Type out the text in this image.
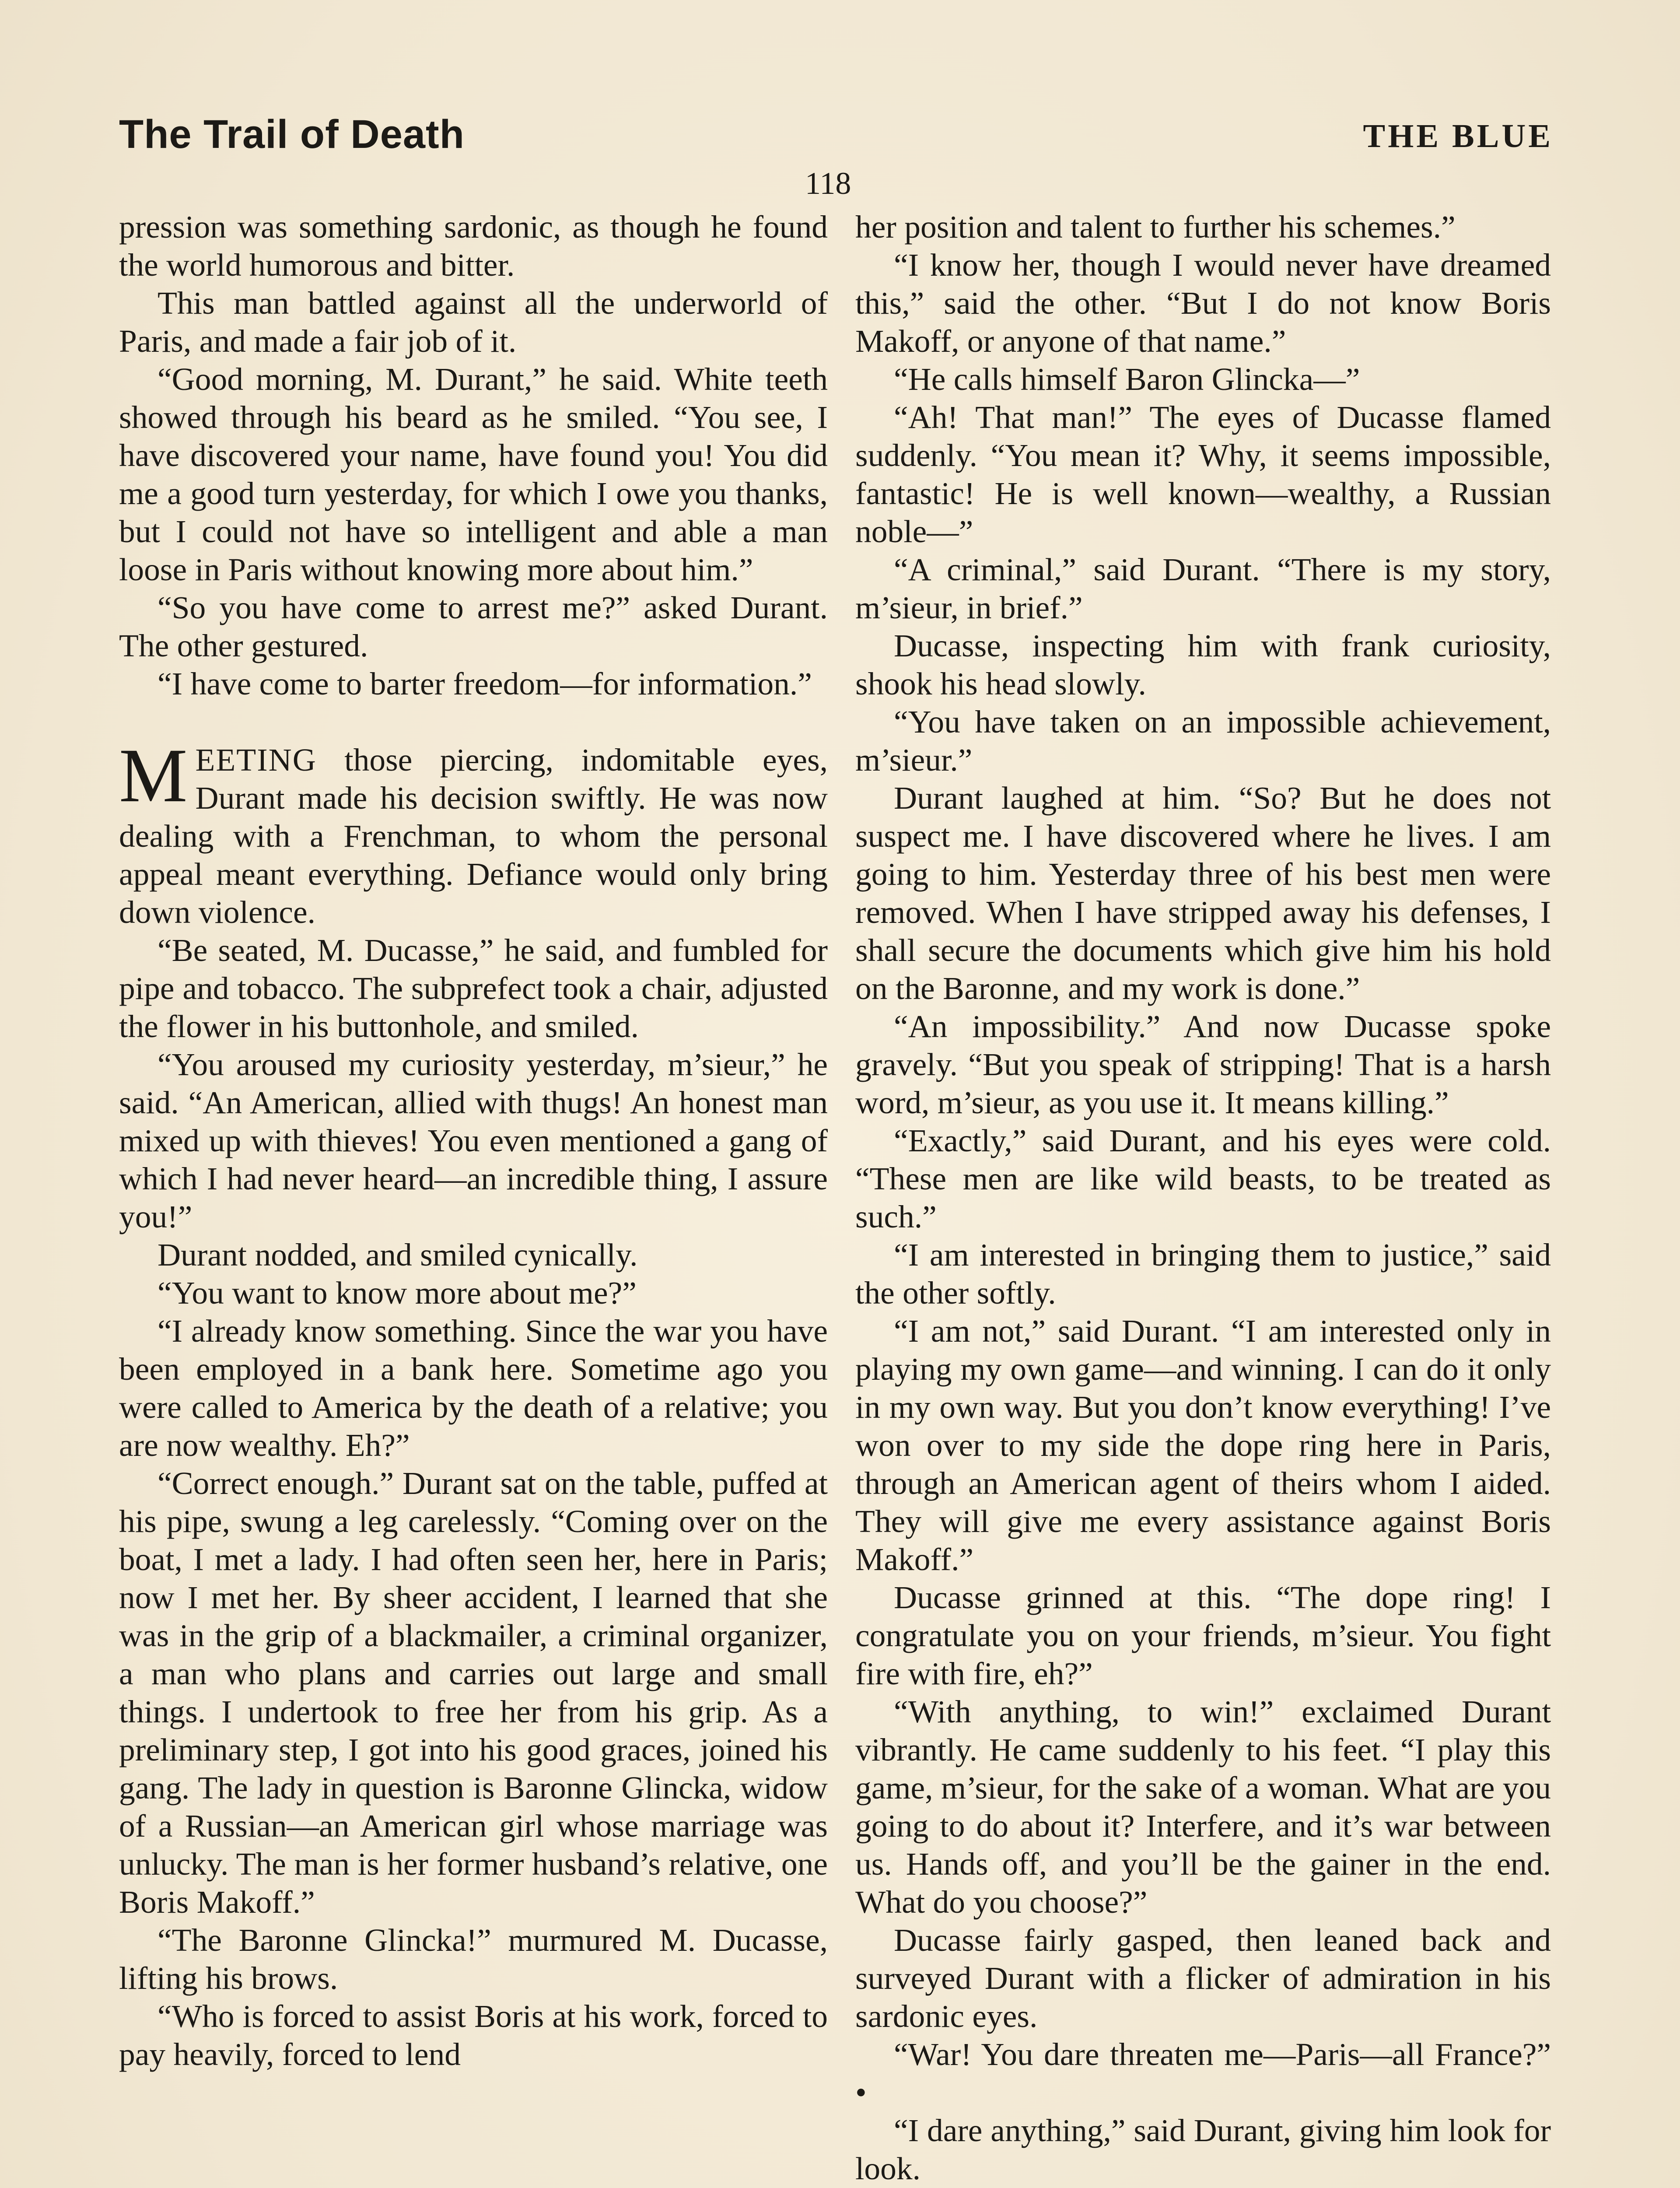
The Trail of Death	THE BLUE
118

pression was something sardonic, as though he found the world humorous and bitter.

This man battled against all the underworld of Paris, and made a fair job of it.

“Good morning, M. Durant,” he said. White teeth showed through his beard as he smiled. “You see, I have discovered your name, have found you! You did me a good turn yesterday, for which I owe you thanks, but I could not have so intelligent and able a man loose in Paris without knowing more about him.”

“So you have come to arrest me?” asked Durant. The other gestured.

“I have come to barter freedom—for information.”

MEETING those piercing, indomitable eyes, Durant made his decision swiftly. He was now dealing with a Frenchman, to whom the personal appeal meant everything. Defiance would only bring down violence.

“Be seated, M. Ducasse,” he said, and fumbled for pipe and tobacco. The subprefect took a chair, adjusted the flower in his buttonhole, and smiled.

“You aroused my curiosity yesterday, m’sieur,” he said. “An American, allied with thugs! An honest man mixed up with thieves! You even mentioned a gang of which I had never heard—an incredible thing, I assure you!”

Durant nodded, and smiled cynically.

“You want to know more about me?”

“I already know something. Since the war you have been employed in a bank here. Sometime ago you were called to America by the death of a relative; you are now wealthy. Eh?”

“Correct enough.” Durant sat on the table, puffed at his pipe, swung a leg carelessly. “Coming over on the boat, I met a lady. I had often seen her, here in Paris; now I met her. By sheer accident, I learned that she was in the grip of a blackmailer, a criminal organizer, a man who plans and carries out large and small things. I undertook to free her from his grip. As a preliminary step, I got into his good graces, joined his gang. The lady in question is Baronne Glincka, widow of a Russian—an American girl whose marriage was unlucky. The man is her former husband’s relative, one Boris Makoff.”

“The Baronne Glincka!” murmured M. Ducasse, lifting his brows.

“Who is forced to assist Boris at his work, forced to pay heavily, forced to lend

her position and talent to further his schemes.”

“I know her, though I would never have dreamed this,” said the other. “But I do not know Boris Makoff, or anyone of that name.”

“He calls himself Baron Glincka—”

“Ah! That man!” The eyes of Ducasse flamed suddenly. “You mean it? Why, it seems impossible, fantastic! He is well known—wealthy, a Russian noble—”

“A criminal,” said Durant. “There is my story, m’sieur, in brief.”

Ducasse, inspecting him with frank curiosity, shook his head slowly.

“You have taken on an impossible achievement, m’sieur.”

Durant laughed at him. “So? But he does not suspect me. I have discovered where he lives. I am going to him. Yesterday three of his best men were removed. When I have stripped away his defenses, I shall secure the documents which give him his hold on the Baronne, and my work is done.”

“An impossibility.” And now Ducasse spoke gravely. “But you speak of stripping! That is a harsh word, m’sieur, as you use it. It means killing.”

“Exactly,” said Durant, and his eyes were cold. “These men are like wild beasts, to be treated as such.”

“I am interested in bringing them to justice,” said the other softly.

“I am not,” said Durant. “I am interested only in playing my own game—and winning. I can do it only in my own way. But you don’t know everything! I’ve won over to my side the dope ring here in Paris, through an American agent of theirs whom I aided. They will give me every assistance against Boris Makoff.”

Ducasse grinned at this. “The dope ring! I congratulate you on your friends, m’sieur. You fight fire with fire, eh?”

“With anything, to win!” exclaimed Durant vibrantly. He came suddenly to his feet. “I play this game, m’sieur, for the sake of a woman. What are you going to do about it? Interfere, and it’s war between us. Hands off, and you’ll be the gainer in the end. What do you choose?”

Ducasse fairly gasped, then leaned back and surveyed Durant with a flicker of admiration in his sardonic eyes.

“War! You dare threaten me—Paris—all France?” •

“I dare anything,” said Durant, giving him look for look.
